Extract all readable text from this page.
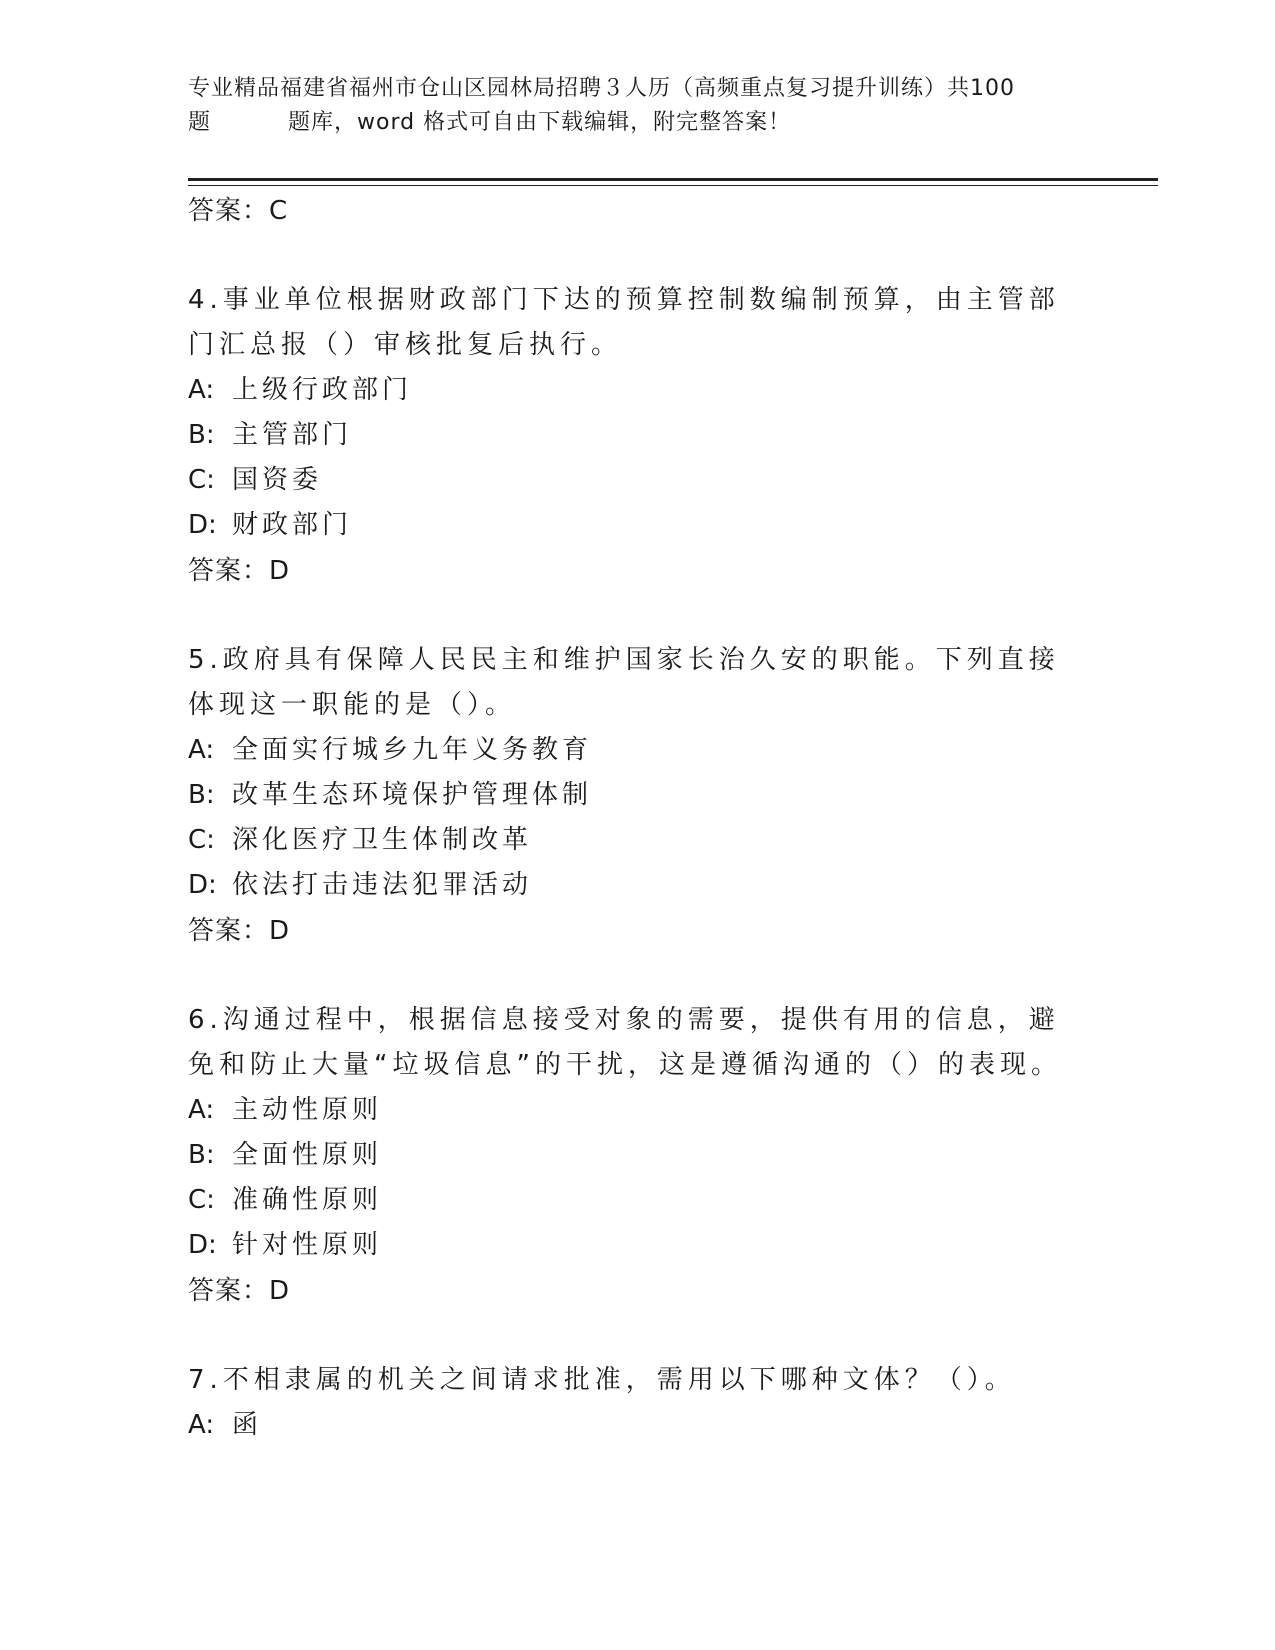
专业精品福建省福州市仓山区园林局招聘３人历（高频重点复习提升训练）共100
题	题库，word 格式可自由下载编辑，附完整答案！
答案：C
4.事业单位根据财政部门下达的预算控制数编制预算，由主管部门汇总报（）审核批复后执行。
A: 上级行政部门
B: 主管部门
C: 国资委
D: 财政部门
答案：D
5.政府具有保障人民民主和维护国家长治久安的职能。下列直接体现这一职能的是（）。
A: 全面实行城乡九年义务教育
B: 改革生态环境保护管理体制
C: 深化医疗卫生体制改革
D: 依法打击违法犯罪活动
答案：D
6.沟通过程中，根据信息接受对象的需要，提供有用的信息，避免和防止大量“垃圾信息”的干扰，这是遵循沟通的（）的表现。
A: 主动性原则
B: 全面性原则
C: 准确性原则
D: 针对性原则
答案：D
7.不相隶属的机关之间请求批准，需用以下哪种文体？（）。
A: 函
